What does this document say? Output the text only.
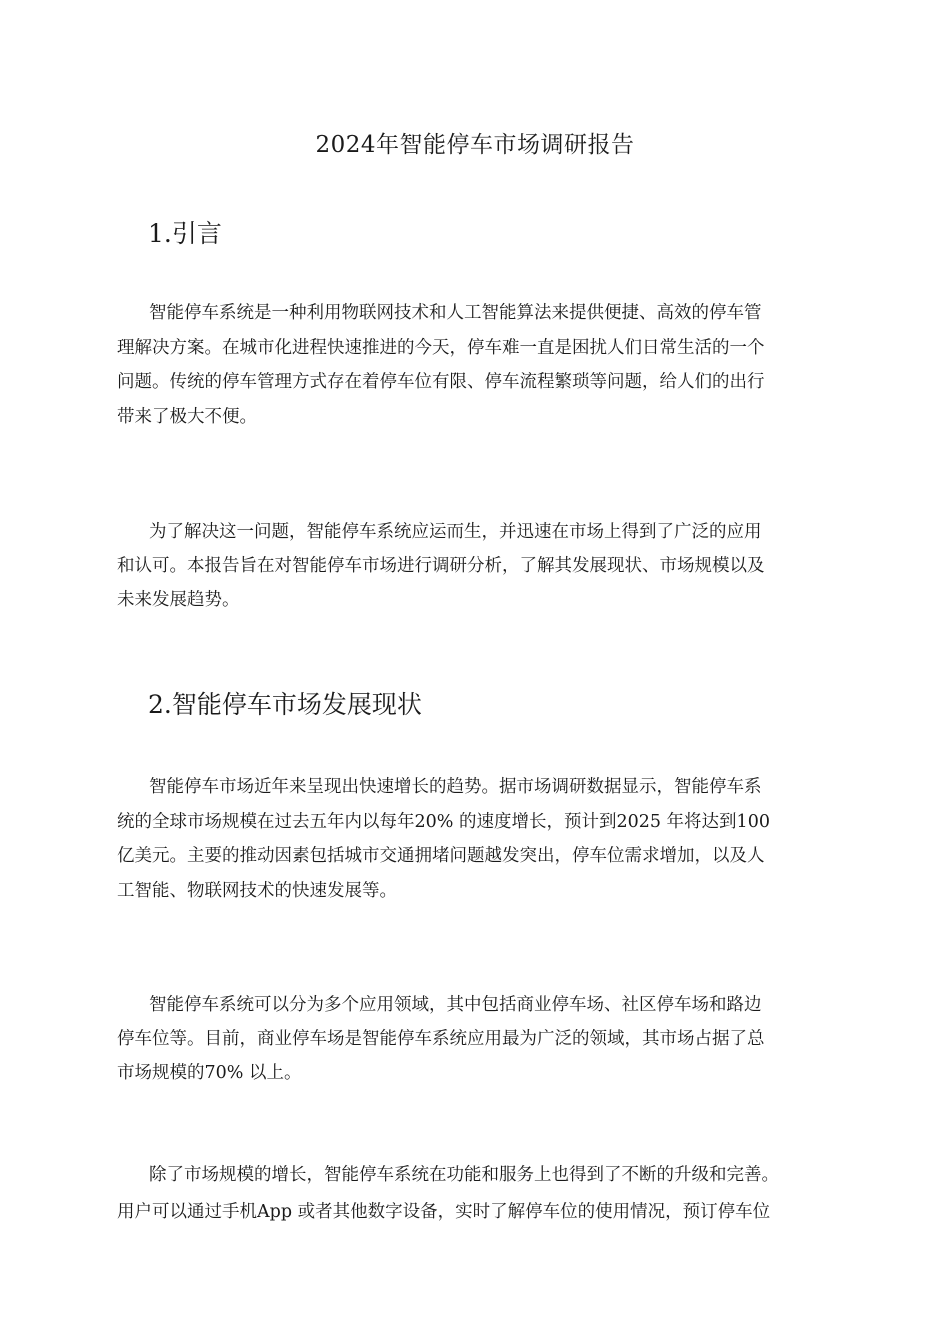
2024年智能停车市场调研报告
1.引言
智能停车系统是一种利用物联网技术和人工智能算法来提供便捷、高效的停车管
理解决方案。在城市化进程快速推进的今天，停车难一直是困扰人们日常生活的一个
问题。传统的停车管理方式存在着停车位有限、停车流程繁琐等问题，给人们的出行
带来了极大不便。
为了解决这一问题，智能停车系统应运而生，并迅速在市场上得到了广泛的应用
和认可。本报告旨在对智能停车市场进行调研分析，了解其发展现状、市场规模以及
未来发展趋势。
2.智能停车市场发展现状
智能停车市场近年来呈现出快速增长的趋势。据市场调研数据显示，智能停车系
统的全球市场规模在过去五年内以每年20% 的速度增长，预计到2025 年将达到100
亿美元。主要的推动因素包括城市交通拥堵问题越发突出，停车位需求增加，以及人
工智能、物联网技术的快速发展等。
智能停车系统可以分为多个应用领域，其中包括商业停车场、社区停车场和路边
停车位等。目前，商业停车场是智能停车系统应用最为广泛的领域，其市场占据了总
市场规模的70% 以上。
除了市场规模的增长，智能停车系统在功能和服务上也得到了不断的升级和完善。
用户可以通过手机App 或者其他数字设备，实时了解停车位的使用情况，预订停车位
